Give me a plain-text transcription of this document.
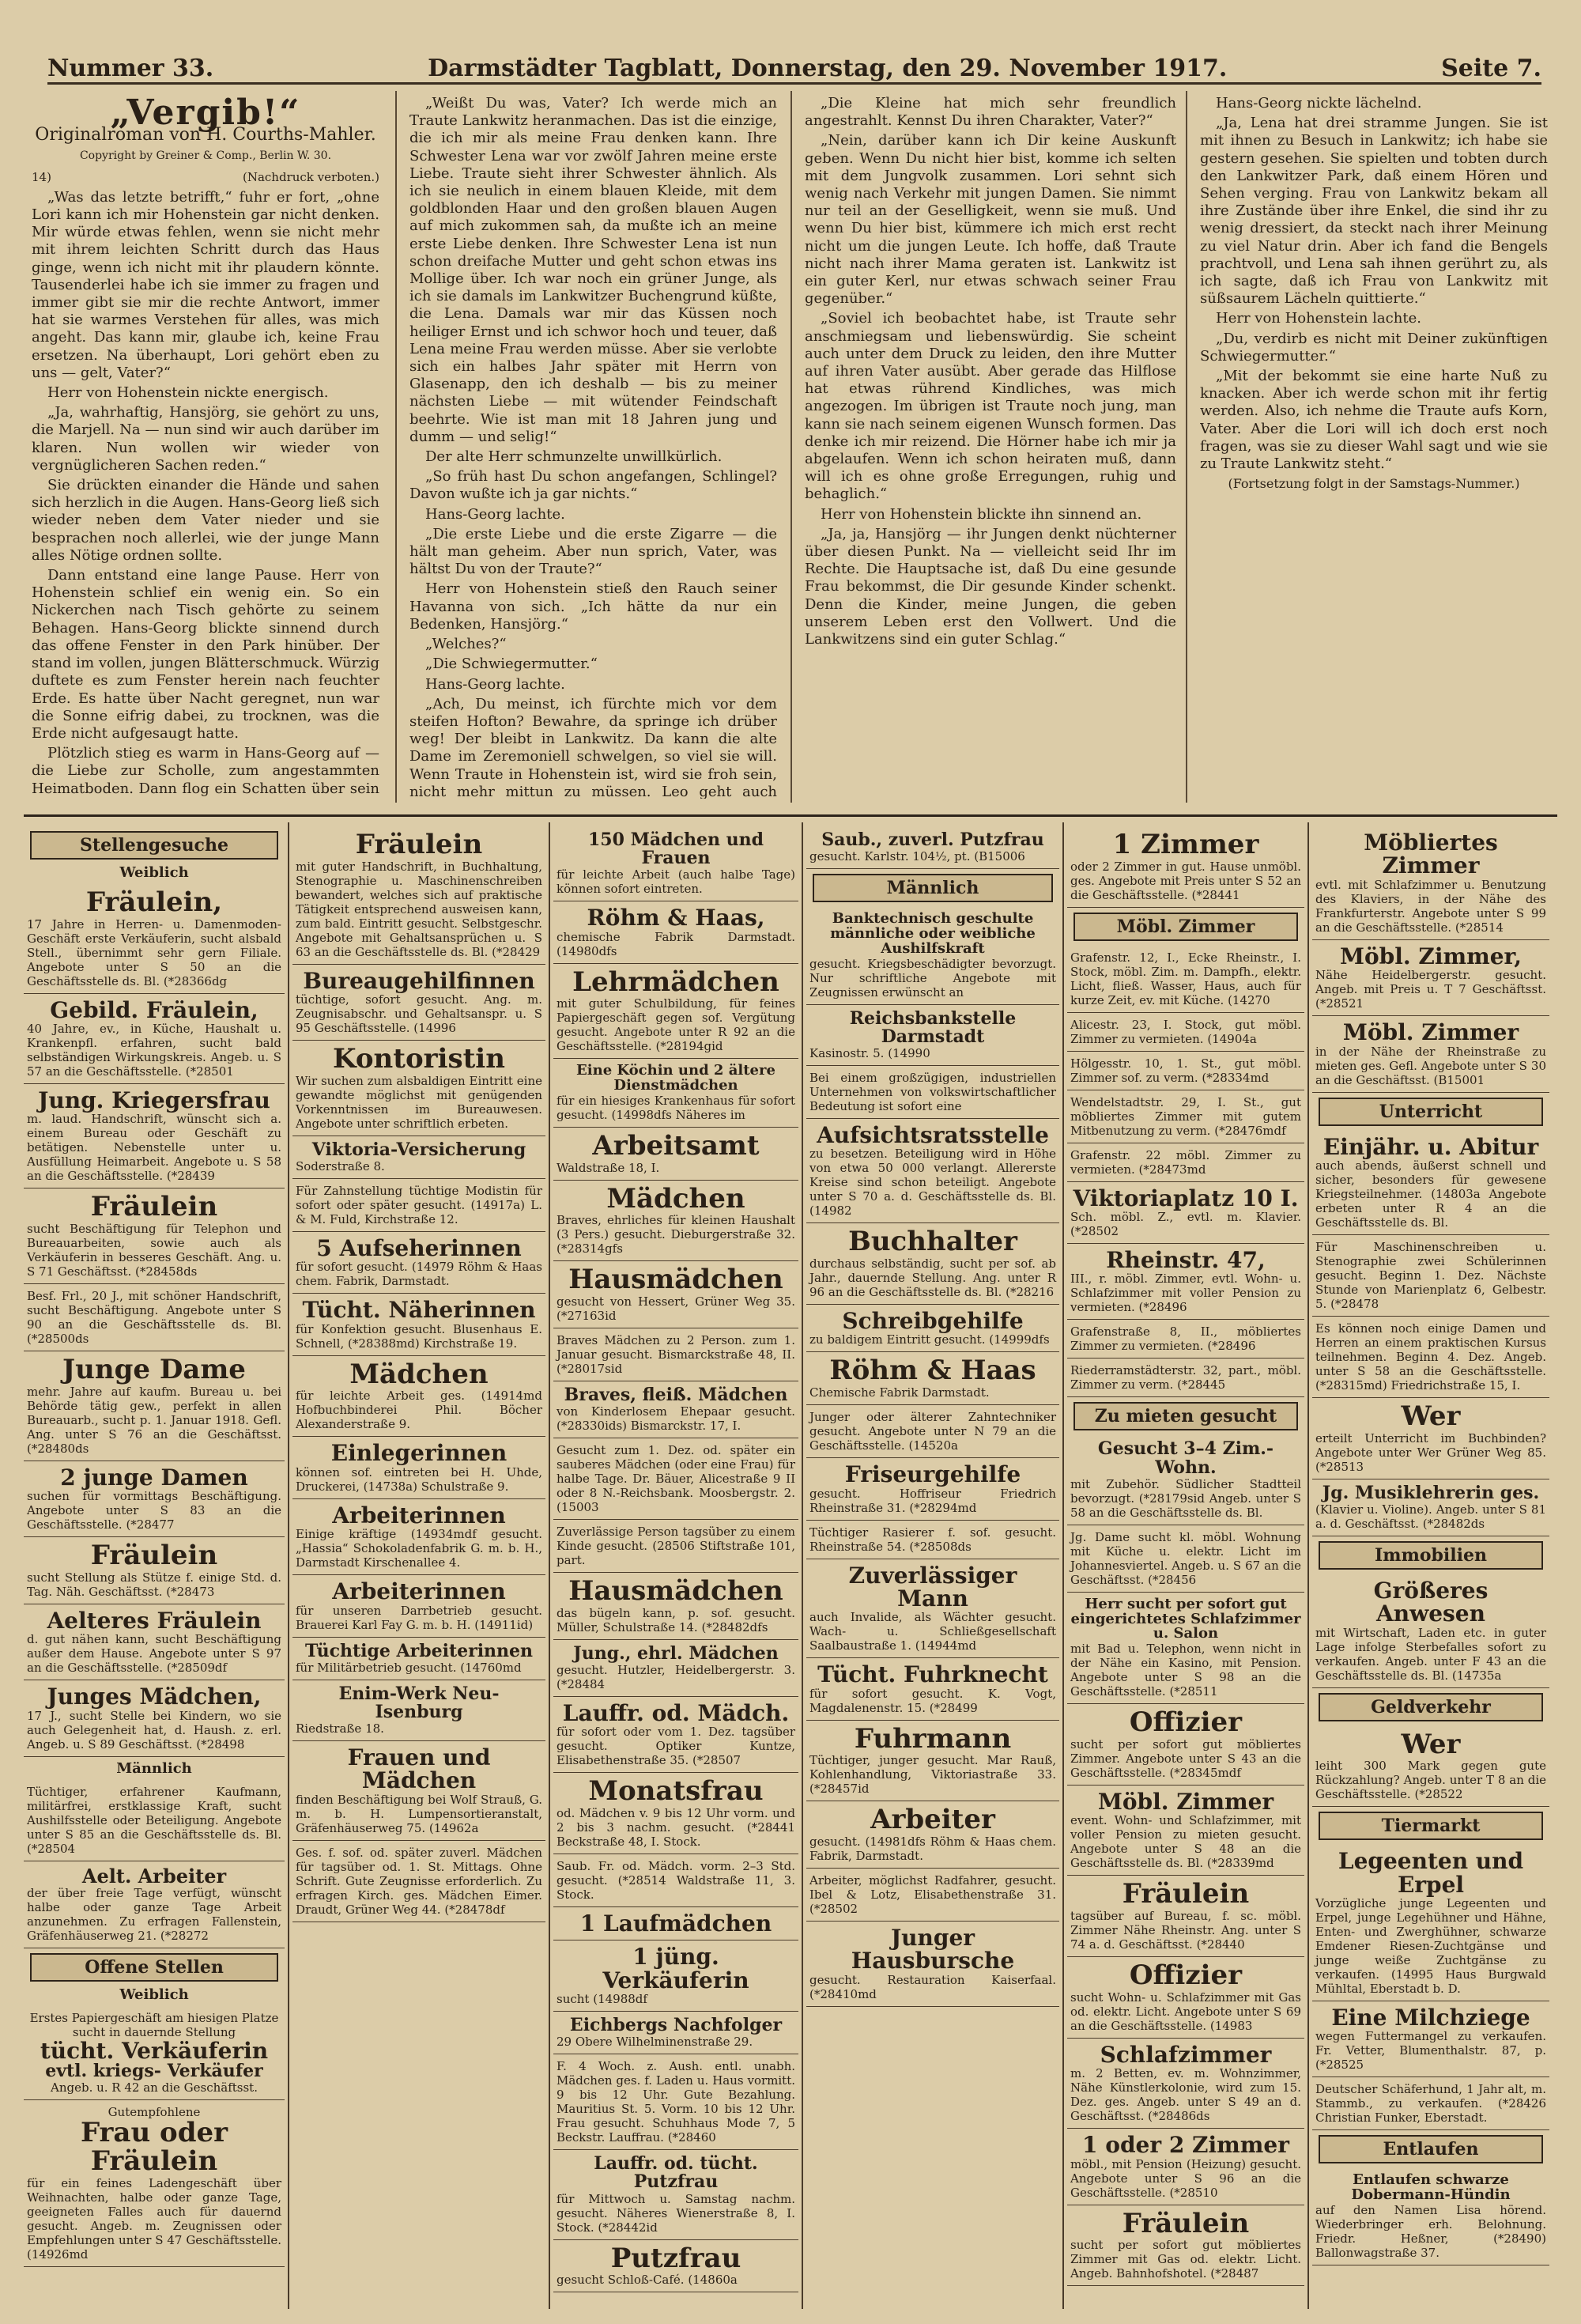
Nummer 33.	Darmstädter Tagblatt, Donnerstag, den 29. November 1917.	Seite 7.
„Vergib!“
Originalroman von H. Courths-Mahler.
Copyright by Greiner & Comp., Berlin W. 30.
14)	(Nachdruck verboten.)

„Was das letzte betrifft,“ fuhr er fort, „ohne Lori kann ich mir Hohenstein gar nicht denken. Mir würde etwas fehlen, wenn sie nicht mehr mit ihrem leichten Schritt durch das Haus ginge, wenn ich nicht mit ihr plaudern könnte. Tausenderlei habe ich sie immer zu fragen und immer gibt sie mir die rechte Antwort, immer hat sie warmes Verstehen für alles, was mich angeht. Das kann mir, glaube ich, keine Frau ersetzen. Na überhaupt, Lori gehört eben zu uns — gelt, Vater?“

Herr von Hohenstein nickte energisch.

„Ja, wahrhaftig, Hansjörg, sie gehört zu uns, die Marjell. Na — nun sind wir auch darüber im klaren. Nun wollen wir wieder von vergnüglicheren Sachen reden.“

Sie drückten einander die Hände und sahen sich herzlich in die Augen. Hans-Georg ließ sich wieder neben dem Vater nieder und sie besprachen noch allerlei, wie der junge Mann alles Nötige ordnen sollte.

Dann entstand eine lange Pause. Herr von Hohenstein schlief ein wenig ein. So ein Nickerchen nach Tisch gehörte zu seinem Behagen. Hans-Georg blickte sinnend durch das offene Fenster in den Park hinüber. Der stand im vollen, jungen Blätterschmuck. Würzig duftete es zum Fenster herein nach feuchter Erde. Es hatte über Nacht geregnet, nun war die Sonne eifrig dabei, zu trocknen, was die Erde nicht aufgesaugt hatte.

Plötzlich stieg es warm in Hans-Georg auf — die Liebe zur Scholle, zum angestammten Heimatboden. Dann flog ein Schatten über sein

„Weißt Du was, Vater? Ich werde mich an Traute Lankwitz heranmachen. Das ist die einzige, die ich mir als meine Frau denken kann. Ihre Schwester Lena war vor zwölf Jahren meine erste Liebe. Traute sieht ihrer Schwester ähnlich. Als ich sie neulich in einem blauen Kleide, mit dem goldblonden Haar und den großen blauen Augen auf mich zukommen sah, da mußte ich an meine erste Liebe denken. Ihre Schwester Lena ist nun schon dreifache Mutter und geht schon etwas ins Mollige über. Ich war noch ein grüner Junge, als ich sie damals im Lankwitzer Buchengrund küßte, die Lena. Damals war mir das Küssen noch heiliger Ernst und ich schwor hoch und teuer, daß Lena meine Frau werden müsse. Aber sie verlobte sich ein halbes Jahr später mit Herrn von Glasenapp, den ich deshalb — bis zu meiner nächsten Liebe — mit wütender Feindschaft beehrte. Wie ist man mit 18 Jahren jung und dumm — und selig!“

Der alte Herr schmunzelte unwillkürlich.

„So früh hast Du schon angefangen, Schlingel? Davon wußte ich ja gar nichts.“

Hans-Georg lachte.

„Die erste Liebe und die erste Zigarre — die hält man geheim. Aber nun sprich, Vater, was hältst Du von der Traute?“

Herr von Hohenstein stieß den Rauch seiner Havanna von sich. „Ich hätte da nur ein Bedenken, Hansjörg.“

„Welches?“

„Die Schwiegermutter.“

Hans-Georg lachte.

„Ach, Du meinst, ich fürchte mich vor dem steifen Hofton? Bewahre, da springe ich drüber weg! Der bleibt in Lankwitz. Da kann die alte Dame im Zeremoniell schwelgen, so viel sie will. Wenn Traute in Hohenstein ist, wird sie froh sein, nicht mehr mittun zu müssen. Leo geht auch

„Die Kleine hat mich sehr freundlich angestrahlt. Kennst Du ihren Charakter, Vater?“

„Nein, darüber kann ich Dir keine Auskunft geben. Wenn Du nicht hier bist, komme ich selten mit dem Jungvolk zusammen. Lori sehnt sich wenig nach Verkehr mit jungen Damen. Sie nimmt nur teil an der Geselligkeit, wenn sie muß. Und wenn Du hier bist, kümmere ich mich erst recht nicht um die jungen Leute. Ich hoffe, daß Traute nicht nach ihrer Mama geraten ist. Lankwitz ist ein guter Kerl, nur etwas schwach seiner Frau gegenüber.“

„Soviel ich beobachtet habe, ist Traute sehr anschmiegsam und liebenswürdig. Sie scheint auch unter dem Druck zu leiden, den ihre Mutter auf ihren Vater ausübt. Aber gerade das Hilflose hat etwas rührend Kindliches, was mich angezogen. Im übrigen ist Traute noch jung, man kann sie nach seinem eigenen Wunsch formen. Das denke ich mir reizend. Die Hörner habe ich mir ja abgelaufen. Wenn ich schon heiraten muß, dann will ich es ohne große Erregungen, ruhig und behaglich.“

Herr von Hohenstein blickte ihn sinnend an.

„Ja, ja, Hansjörg — ihr Jungen denkt nüchterner über diesen Punkt. Na — vielleicht seid Ihr im Rechte. Die Hauptsache ist, daß Du eine gesunde Frau bekommst, die Dir gesunde Kinder schenkt. Denn die Kinder, meine Jungen, die geben unserem Leben erst den Vollwert. Und die Lankwitzens sind ein guter Schlag.“

Hans-Georg nickte lächelnd.

„Ja, Lena hat drei stramme Jungen. Sie ist mit ihnen zu Besuch in Lankwitz; ich habe sie gestern gesehen. Sie spielten und tobten durch den Lankwitzer Park, daß einem Hören und Sehen verging. Frau von Lankwitz bekam all ihre Zustände über ihre Enkel, die sind ihr zu wenig dressiert, da steckt nach ihrer Meinung zu viel Natur drin. Aber ich fand die Bengels prachtvoll, und Lena sah ihnen gerührt zu, als ich sagte, daß ich Frau von Lankwitz mit süßsaurem Lächeln quittierte.“

Herr von Hohenstein lachte.

„Du, verdirb es nicht mit Deiner zukünftigen Schwiegermutter.“

„Mit der bekommt sie eine harte Nuß zu knacken. Aber ich werde schon mit ihr fertig werden. Also, ich nehme die Traute aufs Korn, Vater. Aber die Lori will ich doch erst noch fragen, was sie zu dieser Wahl sagt und wie sie zu Traute Lankwitz steht.“

(Fortsetzung folgt in der Samstags-Nummer.)
Stellengesuche
Weiblich
Fräulein,
17 Jahre in Herren- u. Damenmoden-Geschäft erste Verkäuferin, sucht alsbald Stell., übernimmt sehr gern Filiale. Angebote unter S 50 an die Geschäftsstelle ds. Bl. (*28366dg
Gebild. Fräulein,
40 Jahre, ev., in Küche, Haushalt u. Krankenpfl. erfahren, sucht bald selbständigen Wirkungskreis. Angeb. u. S 57 an die Geschäftsstelle. (*28501
Jung. Kriegersfrau
m. laud. Handschrift, wünscht sich a. einem Bureau oder Geschäft zu betätigen. Nebenstelle unter u. Ausfüllung Heimarbeit. Angebote u. S 58 an die Geschäftsstelle. (*28439
Fräulein
sucht Beschäftigung für Telephon und Bureauarbeiten, sowie auch als Verkäuferin in besseres Geschäft. Ang. u. S 71 Geschäftsst. (*28458ds
Besf. Frl., 20 J., mit schöner Handschrift, sucht Beschäftigung. Angebote unter S 90 an die Geschäftsstelle ds. Bl. (*28500ds
Junge Dame
mehr. Jahre auf kaufm. Bureau u. bei Behörde tätig gew., perfekt in allen Bureauarb., sucht p. 1. Januar 1918. Gefl. Ang. unter S 76 an die Geschäftsst. (*28480ds
2 junge Damen
suchen für vormittags Beschäftigung. Angebote unter S 83 an die Geschäftsstelle. (*28477
Fräulein
sucht Stellung als Stütze f. einige Std. d. Tag. Näh. Geschäftsst. (*28473
Aelteres Fräulein
d. gut nähen kann, sucht Beschäftigung außer dem Hause. Angebote unter S 97 an die Geschäftsstelle. (*28509df
Junges Mädchen,
17 J., sucht Stelle bei Kindern, wo sie auch Gelegenheit hat, d. Haush. z. erl. Angeb. u. S 89 Geschäftsst. (*28498
Männlich
Tüchtiger, erfahrener Kaufmann, militärfrei, erstklassige Kraft, sucht Aushilfsstelle oder Beteiligung. Angebote unter S 85 an die Geschäftsstelle ds. Bl. (*28504
Aelt. Arbeiter
der über freie Tage verfügt, wünscht halbe oder ganze Tage Arbeit anzunehmen. Zu erfragen Fallenstein, Gräfenhäuserweg 21. (*28272
Offene Stellen
Weiblich
Erstes Papiergeschäft am hiesigen Platze sucht in dauernde Stellung
tücht. Verkäuferin
evtl. kriegs- Verkäufer
Angeb. u. R 42 an die Geschäftsst.
Gutempfohlene
Frau oder Fräulein
für ein feines Ladengeschäft über Weihnachten, halbe oder ganze Tage, geeigneten Falles auch für dauernd gesucht. Angeb. m. Zeugnissen oder Empfehlungen unter S 47 Geschäftsstelle. (14926md
Fräulein
mit guter Handschrift, in Buchhaltung, Stenographie u. Maschinenschreiben bewandert, welches sich auf praktische Tätigkeit entsprechend ausweisen kann, zum bald. Eintritt gesucht. Selbstgeschr. Angebote mit Gehaltsansprüchen u. S 63 an die Geschäftsstelle ds. Bl. (*28429
Bureaugehilfinnen
tüchtige, sofort gesucht. Ang. m. Zeugnisabschr. und Gehaltsanspr. u. S 95 Geschäftsstelle. (14996
Kontoristin
Wir suchen zum alsbaldigen Eintritt eine gewandte möglichst mit genügenden Vorkenntnissen im Bureauwesen. Angebote unter schriftlich erbeten.
Viktoria-Versicherung
Soderstraße 8.
Für Zahnstellung tüchtige Modistin für sofort oder später gesucht. (14917a) L. & M. Fuld, Kirchstraße 12.
5 Aufseherinnen
für sofort gesucht. (14979 Röhm & Haas chem. Fabrik, Darmstadt.
Tücht. Näherinnen
für Konfektion gesucht. Blusenhaus E. Schnell, (*28388md) Kirchstraße 19.
Mädchen
für leichte Arbeit ges. (14914md Hofbuchbinderei Phil. Böcher Alexanderstraße 9.
Einlegerinnen
können sof. eintreten bei H. Uhde, Druckerei, (14738a) Schulstraße 9.
Arbeiterinnen
Einige kräftige (14934mdf gesucht. „Hassia“ Schokoladenfabrik G. m. b. H., Darmstadt Kirschenallee 4.
Arbeiterinnen
für unseren Darrbetrieb gesucht. Brauerei Karl Fay G. m. b. H. (14911id)
Tüchtige Arbeiterinnen
für Militärbetrieb gesucht. (14760md
Enim-Werk Neu-Isenburg
Riedstraße 18.
Frauen und Mädchen
finden Beschäftigung bei Wolf Strauß, G. m. b. H. Lumpensortieranstalt, Gräfenhäuserweg 75. (14962a
Ges. f. sof. od. später zuverl. Mädchen für tagsüber od. 1. St. Mittags. Ohne Schrift. Gute Zeugnisse erforderlich. Zu erfragen Kirch. ges. Mädchen Eimer. Draudt, Grüner Weg 44. (*28478df
150 Mädchen und Frauen
für leichte Arbeit (auch halbe Tage) können sofort eintreten.
Röhm & Haas,
chemische Fabrik Darmstadt. (14980dfs
Lehrmädchen
mit guter Schulbildung, für feines Papiergeschäft gegen sof. Vergütung gesucht. Angebote unter R 92 an die Geschäftsstelle. (*28194gid
Eine Köchin und 2 ältere Dienstmädchen
für ein hiesiges Krankenhaus für sofort gesucht. (14998dfs Näheres im
Arbeitsamt
Waldstraße 18, I.
Mädchen
Braves, ehrliches für kleinen Haushalt (3 Pers.) gesucht. Dieburgerstraße 32. (*28314gfs
Hausmädchen
gesucht von Hessert, Grüner Weg 35. (*27163id
Braves Mädchen zu 2 Person. zum 1. Januar gesucht. Bismarckstraße 48, II. (*28017sid
Braves, fleiß. Mädchen
von Kinderlosem Ehepaar gesucht. (*28330ids) Bismarckstr. 17, I.
Gesucht zum 1. Dez. od. später ein sauberes Mädchen (oder eine Frau) für halbe Tage. Dr. Bäuer, Alicestraße 9 II oder 8 N.-Reichsbank. Moosbergstr. 2. (15003
Zuverlässige Person tagsüber zu einem Kinde gesucht. (28506 Stiftstraße 101, part.
Hausmädchen
das bügeln kann, p. sof. gesucht. Müller, Schulstraße 14. (*28482dfs
Jung., ehrl. Mädchen
gesucht. Hutzler, Heidelbergerstr. 3. (*28484
Lauffr. od. Mädch.
für sofort oder vom 1. Dez. tagsüber gesucht. Optiker Kuntze, Elisabethenstraße 35. (*28507
Monatsfrau
od. Mädchen v. 9 bis 12 Uhr vorm. und 2 bis 3 nachm. gesucht. (*28441 Beckstraße 48, I. Stock.
Saub. Fr. od. Mädch. vorm. 2–3 Std. gesucht. (*28514 Waldstraße 11, 3. Stock.
1 Laufmädchen
1 jüng. Verkäuferin
sucht (14988df
Eichbergs Nachfolger
29 Obere Wilhelminenstraße 29.
F. 4 Woch. z. Aush. entl. unabh. Mädchen ges. f. Laden u. Haus vormitt. 9 bis 12 Uhr. Gute Bezahlung. Mauritius St. 5. Vorm. 10 bis 12 Uhr. Frau gesucht. Schuhhaus Mode 7, 5 Beckstr. Lauffrau. (*28460
Lauffr. od. tücht. Putzfrau
für Mittwoch u. Samstag nachm. gesucht. Näheres Wienerstraße 8, I. Stock. (*28442id
Putzfrau
gesucht Schloß-Café. (14860a
Saub., zuverl. Putzfrau
gesucht. Karlstr. 104½, pt. (B15006
Männlich
Banktechnisch geschulte männliche oder weibliche Aushilfskraft
gesucht. Kriegsbeschädigter bevorzugt. Nur schriftliche Angebote mit Zeugnissen erwünscht an
Reichsbankstelle Darmstadt
Kasinostr. 5. (14990
Bei einem großzügigen, industriellen Unternehmen von volkswirtschaftlicher Bedeutung ist sofort eine
Aufsichtsratsstelle
zu besetzen. Beteiligung wird in Höhe von etwa 50 000 verlangt. Allererste Kreise sind schon beteiligt. Angebote unter S 70 a. d. Geschäftsstelle ds. Bl. (14982
Buchhalter
durchaus selbständig, sucht per sof. ab Jahr., dauernde Stellung. Ang. unter R 96 an die Geschäftsstelle ds. Bl. (*28216
Schreibgehilfe
zu baldigem Eintritt gesucht. (14999dfs
Röhm & Haas
Chemische Fabrik Darmstadt.
Junger oder älterer Zahntechniker gesucht. Angebote unter N 79 an die Geschäftsstelle. (14520a
Friseurgehilfe
gesucht. Hoffriseur Friedrich Rheinstraße 31. (*28294md
Tüchtiger Rasierer f. sof. gesucht. Rheinstraße 54. (*28508ds
Zuverlässiger Mann
auch Invalide, als Wächter gesucht. Wach- u. Schließgesellschaft Saalbaustraße 1. (14944md
Tücht. Fuhrknecht
für sofort gesucht. K. Vogt, Magdalenenstr. 15. (*28499
Fuhrmann
Tüchtiger, junger gesucht. Mar Rauß, Kohlenhandlung, Viktoriastraße 33. (*28457id
Arbeiter
gesucht. (14981dfs Röhm & Haas chem. Fabrik, Darmstadt.
Arbeiter, möglichst Radfahrer, gesucht. Ibel & Lotz, Elisabethenstraße 31. (*28502
Junger Hausbursche
gesucht. Restauration Kaiserfaal. (*28410md
1 Zimmer
oder 2 Zimmer in gut. Hause unmöbl. ges. Angebote mit Preis unter S 52 an die Geschäftsstelle. (*28441
Möbl. Zimmer
Grafenstr. 12, I., Ecke Rheinstr., I. Stock, möbl. Zim. m. Dampfh., elektr. Licht, fließ. Wasser, Haus, auch für kurze Zeit, ev. mit Küche. (14270
Alicestr. 23, I. Stock, gut möbl. Zimmer zu vermieten. (14904a
Hölgesstr. 10, 1. St., gut möbl. Zimmer sof. zu verm. (*28334md
Wendelstadtstr. 29, I. St., gut möbliertes Zimmer mit gutem Mitbenutzung zu verm. (*28476mdf
Grafenstr. 22 möbl. Zimmer zu vermieten. (*28473md
Viktoriaplatz 10 I.
Sch. möbl. Z., evtl. m. Klavier. (*28502
Rheinstr. 47,
III., r. möbl. Zimmer, evtl. Wohn- u. Schlafzimmer mit voller Pension zu vermieten. (*28496
Grafenstraße 8, II., möbliertes Zimmer zu vermieten. (*28496
Riederramstädterstr. 32, part., möbl. Zimmer zu verm. (*28445
Zu mieten gesucht
Gesucht 3–4 Zim.-Wohn.
mit Zubehör. Südlicher Stadtteil bevorzugt. (*28179sid Angeb. unter S 58 an die Geschäftsstelle ds. Bl.
Jg. Dame sucht kl. möbl. Wohnung mit Küche u. elektr. Licht im Johannesviertel. Angeb. u. S 67 an die Geschäftsst. (*28456
Herr sucht per sofort gut eingerichtetes Schlafzimmer u. Salon
mit Bad u. Telephon, wenn nicht in der Nähe ein Kasino, mit Pension. Angebote unter S 98 an die Geschäftsstelle. (*28511
Offizier
sucht per sofort gut möbliertes Zimmer. Angebote unter S 43 an die Geschäftsstelle. (*28345mdf
Möbl. Zimmer
event. Wohn- und Schlafzimmer, mit voller Pension zu mieten gesucht. Angebote unter S 48 an die Geschäftsstelle ds. Bl. (*28339md
Fräulein
tagsüber auf Bureau, f. sc. möbl. Zimmer Nähe Rheinstr. Ang. unter S 74 a. d. Geschäftsst. (*28440
Offizier
sucht Wohn- u. Schlafzimmer mit Gas od. elektr. Licht. Angebote unter S 69 an die Geschäftsstelle. (14983
Schlafzimmer
m. 2 Betten, ev. m. Wohnzimmer, Nähe Künstlerkolonie, wird zum 15. Dez. ges. Angeb. unter S 49 an d. Geschäftsst. (*28486ds
1 oder 2 Zimmer
möbl., mit Pension (Heizung) gesucht. Angebote unter S 96 an die Geschäftsstelle. (*28510
Fräulein
sucht per sofort gut möbliertes Zimmer mit Gas od. elektr. Licht. Angeb. Bahnhofshotel. (*28487
Möbliertes Zimmer
evtl. mit Schlafzimmer u. Benutzung des Klaviers, in der Nähe des Frankfurterstr. Angebote unter S 99 an die Geschäftsstelle. (*28514
Möbl. Zimmer,
Nähe Heidelbergerstr. gesucht. Angeb. mit Preis u. T 7 Geschäftsst. (*28521
Möbl. Zimmer
in der Nähe der Rheinstraße zu mieten ges. Gefl. Angebote unter S 30 an die Geschäftsst. (B15001
Unterricht
Einjähr. u. Abitur
auch abends, äußerst schnell und sicher, besonders für gewesene Kriegsteilnehmer. (14803a Angebote erbeten unter R 4 an die Geschäftsstelle ds. Bl.
Für Maschinenschreiben u. Stenographie zwei Schülerinnen gesucht. Beginn 1. Dez. Nächste Stunde von Marienplatz 6, Gelbestr. 5. (*28478
Es können noch einige Damen und Herren an einem praktischen Kursus teilnehmen. Beginn 4. Dez. Angeb. unter S 58 an die Geschäftsstelle. (*28315md) Friedrichstraße 15, I.
Wer
erteilt Unterricht im Buchbinden? Angebote unter Wer Grüner Weg 85. (*28513
Jg. Musiklehrerin ges.
(Klavier u. Violine). Angeb. unter S 81 a. d. Geschäftsst. (*28482ds
Immobilien
Größeres Anwesen
mit Wirtschaft, Laden etc. in guter Lage infolge Sterbefalles sofort zu verkaufen. Angeb. unter F 43 an die Geschäftsstelle ds. Bl. (14735a
Geldverkehr
Wer
leiht 300 Mark gegen gute Rückzahlung? Angeb. unter T 8 an die Geschäftsstelle. (*28522
Tiermarkt
Legeenten und Erpel
Vorzügliche junge Legeenten und Erpel, junge Legehühner und Hähne, Enten- und Zwerghühner, schwarze Emdener Riesen-Zuchtgänse und junge weiße Zuchtgänse zu verkaufen. (14995 Haus Burgwald Mühltal, Eberstadt b. D.
Eine Milchziege
wegen Futtermangel zu verkaufen. Fr. Vetter, Blumenthalstr. 87, p. (*28525
Deutscher Schäferhund, 1 Jahr alt, m. Stammb., zu verkaufen. (*28426 Christian Funker, Eberstadt.
Entlaufen
Entlaufen schwarze Dobermann-Hündin
auf den Namen Lisa hörend. Wiederbringer erh. Belohnung. Friedr. Heßner, (*28490) Ballonwagstraße 37.
